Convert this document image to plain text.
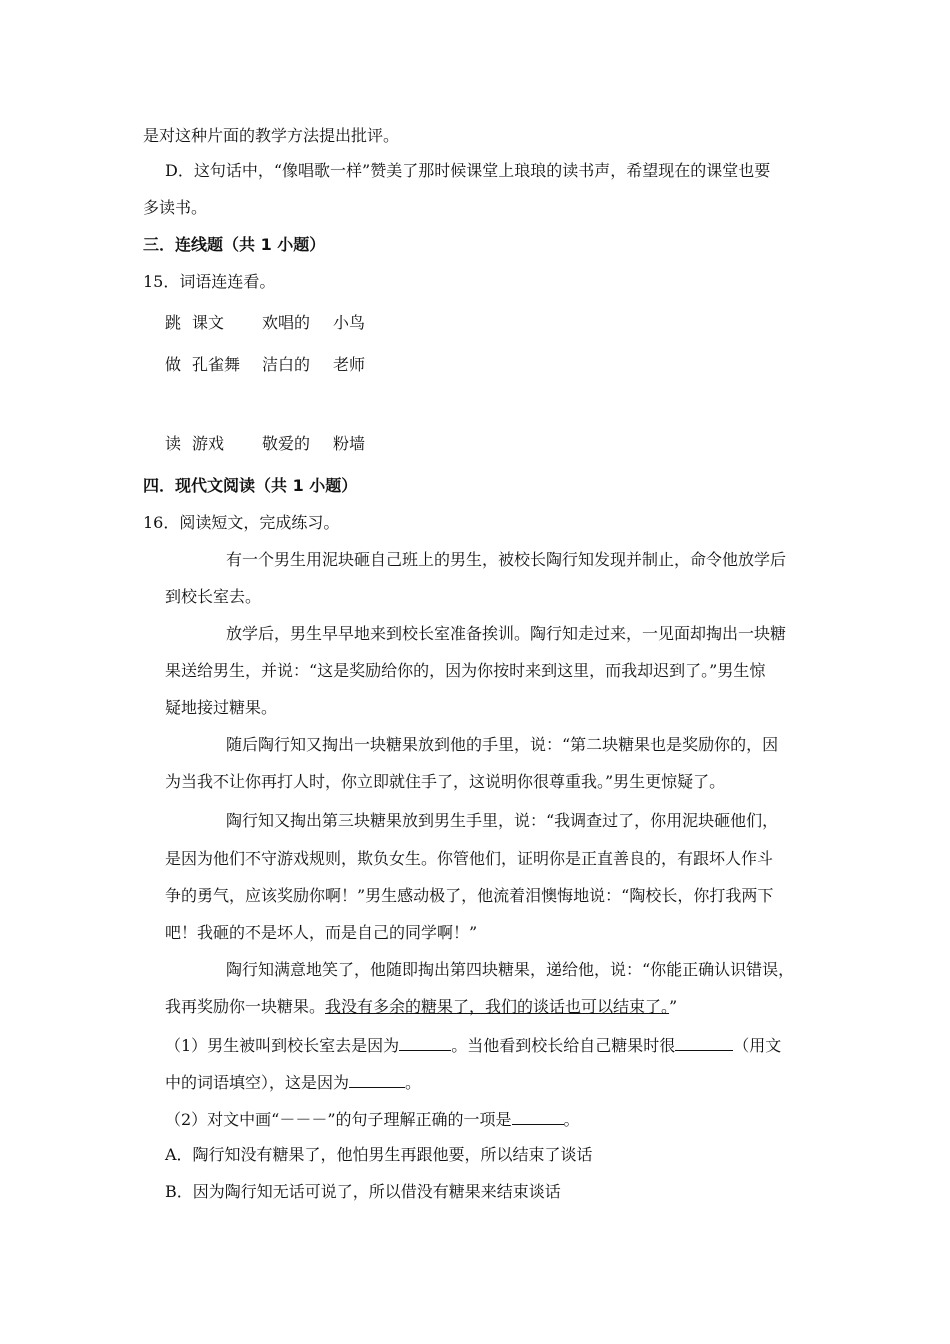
是对这种片面的教学方法提出批评。
D．这句话中，“像唱歌一样”赞美了那时候课堂上琅琅的读书声，希望现在的课堂也要
多读书。
三．连线题（共 1 小题）
15．词语连连看。
跳 课文 欢唱的 小鸟
做 孔雀舞 洁白的 老师
读 游戏 敬爱的 粉墙
四．现代文阅读（共 1 小题）
16．阅读短文，完成练习。
有一个男生用泥块砸自己班上的男生，被校长陶行知发现并制止，命令他放学后
到校长室去。
放学后，男生早早地来到校长室准备挨训。陶行知走过来，一见面却掏出一块糖
果送给男生，并说：“这是奖励给你的，因为你按时来到这里，而我却迟到了。”男生惊
疑地接过糖果。
随后陶行知又掏出一块糖果放到他的手里，说：“第二块糖果也是奖励你的，因
为当我不让你再打人时，你立即就住手了，这说明你很尊重我。”男生更惊疑了。
陶行知又掏出第三块糖果放到男生手里，说：“我调查过了，你用泥块砸他们，
是因为他们不守游戏规则，欺负女生。你管他们，证明你是正直善良的，有跟坏人作斗
争的勇气，应该奖励你啊！”男生感动极了，他流着泪懊悔地说：“陶校长，你打我两下
吧！我砸的不是坏人，而是自己的同学啊！”
陶行知满意地笑了，他随即掏出第四块糖果，递给他，说：“你能正确认识错误，
我再奖励你一块糖果。我没有多余的糖果了，我们的谈话也可以结束了。”
（1）男生被叫到校长室去是因为	。当他看到校长给自己糖果时很	（用文
中的词语填空），这是因为	。
（2）对文中画“－－－”的句子理解正确的一项是	。
A．陶行知没有糖果了，他怕男生再跟他要，所以结束了谈话
B．因为陶行知无话可说了，所以借没有糖果来结束谈话
